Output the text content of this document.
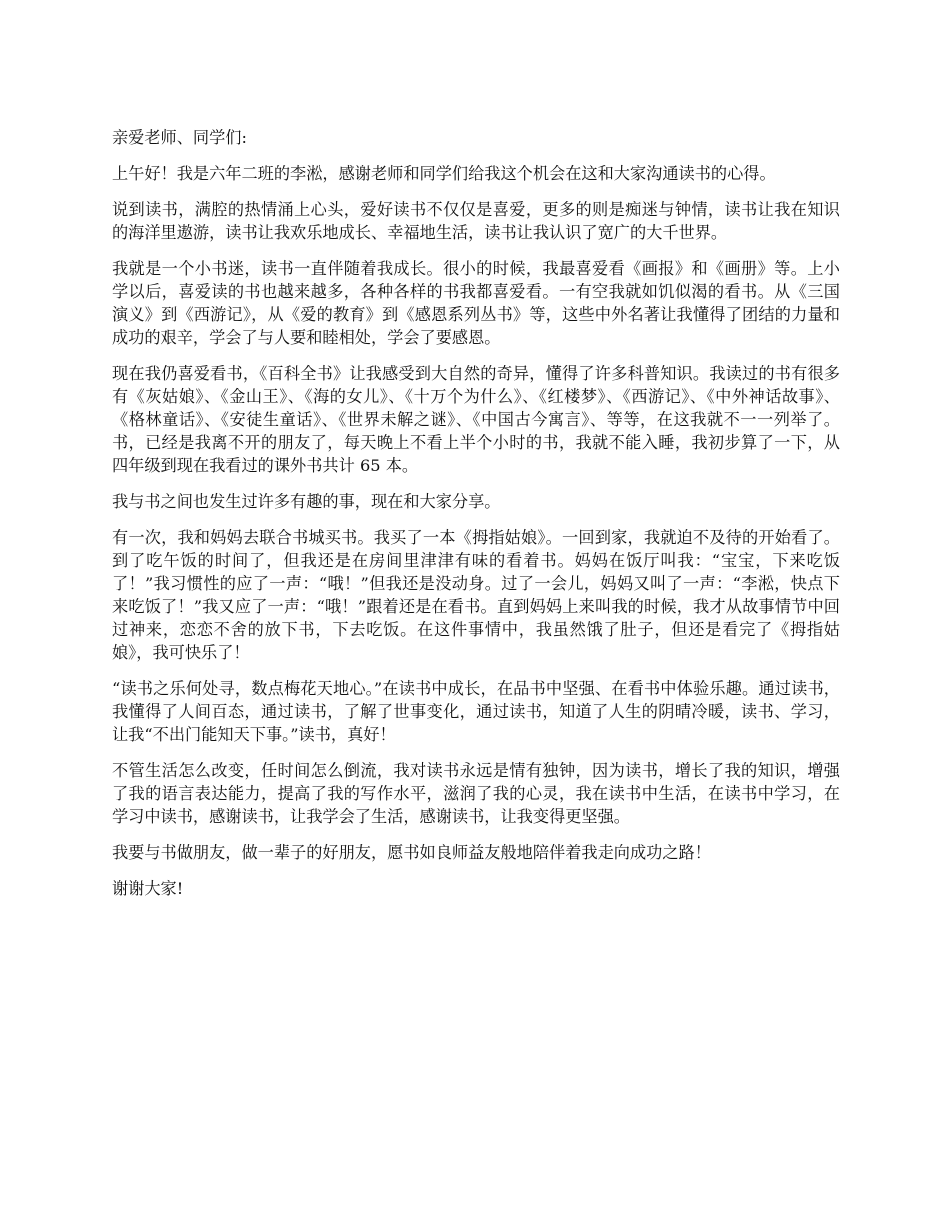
亲爱老师、同学们:

上午好！我是六年二班的李淞，感谢老师和同学们给我这个机会在这和大家沟通读书的心得。

说到读书，满腔的热情涌上心头，爱好读书不仅仅是喜爱，更多的则是痴迷与钟情，读书让我在知识的海洋里遨游，读书让我欢乐地成长、幸福地生活，读书让我认识了宽广的大千世界。

我就是一个小书迷，读书一直伴随着我成长。很小的时候，我最喜爱看《画报》和《画册》等。上小学以后，喜爱读的书也越来越多，各种各样的书我都喜爱看。一有空我就如饥似渴的看书。从《三国演义》到《西游记》，从《爱的教育》到《感恩系列丛书》等，这些中外名著让我懂得了团结的力量和成功的艰辛，学会了与人要和睦相处，学会了要感恩。

现在我仍喜爱看书，《百科全书》让我感受到大自然的奇异，懂得了许多科普知识。我读过的书有很多有《灰姑娘》、《金山王》、《海的女儿》、《十万个为什么》、《红楼梦》、《西游记》、《中外神话故事》、《格林童话》、《安徒生童话》、《世界未解之谜》、《中国古今寓言》、等等，在这我就不一一列举了。书，已经是我离不开的朋友了，每天晚上不看上半个小时的书，我就不能入睡，我初步算了一下，从四年级到现在我看过的课外书共计 65 本。

我与书之间也发生过许多有趣的事，现在和大家分享。

有一次，我和妈妈去联合书城买书。我买了一本《拇指姑娘》。一回到家，我就迫不及待的开始看了。到了吃午饭的时间了，但我还是在房间里津津有味的看着书。妈妈在饭厅叫我：“宝宝，下来吃饭了！”我习惯性的应了一声：“哦！”但我还是没动身。过了一会儿，妈妈又叫了一声：“李淞，快点下来吃饭了！”我又应了一声：“哦！”跟着还是在看书。直到妈妈上来叫我的时候，我才从故事情节中回过神来，恋恋不舍的放下书，下去吃饭。在这件事情中，我虽然饿了肚子，但还是看完了《拇指姑娘》，我可快乐了！

“读书之乐何处寻，数点梅花天地心。”在读书中成长，在品书中坚强、在看书中体验乐趣。通过读书，我懂得了人间百态，通过读书，了解了世事变化，通过读书，知道了人生的阴晴冷暖，读书、学习，让我“不出门能知天下事。”读书，真好！

不管生活怎么改变，任时间怎么倒流，我对读书永远是情有独钟，因为读书，增长了我的知识，增强了我的语言表达能力，提高了我的写作水平，滋润了我的心灵，我在读书中生活，在读书中学习，在学习中读书，感谢读书，让我学会了生活，感谢读书，让我变得更坚强。

我要与书做朋友，做一辈子的好朋友，愿书如良师益友般地陪伴着我走向成功之路！

谢谢大家!
